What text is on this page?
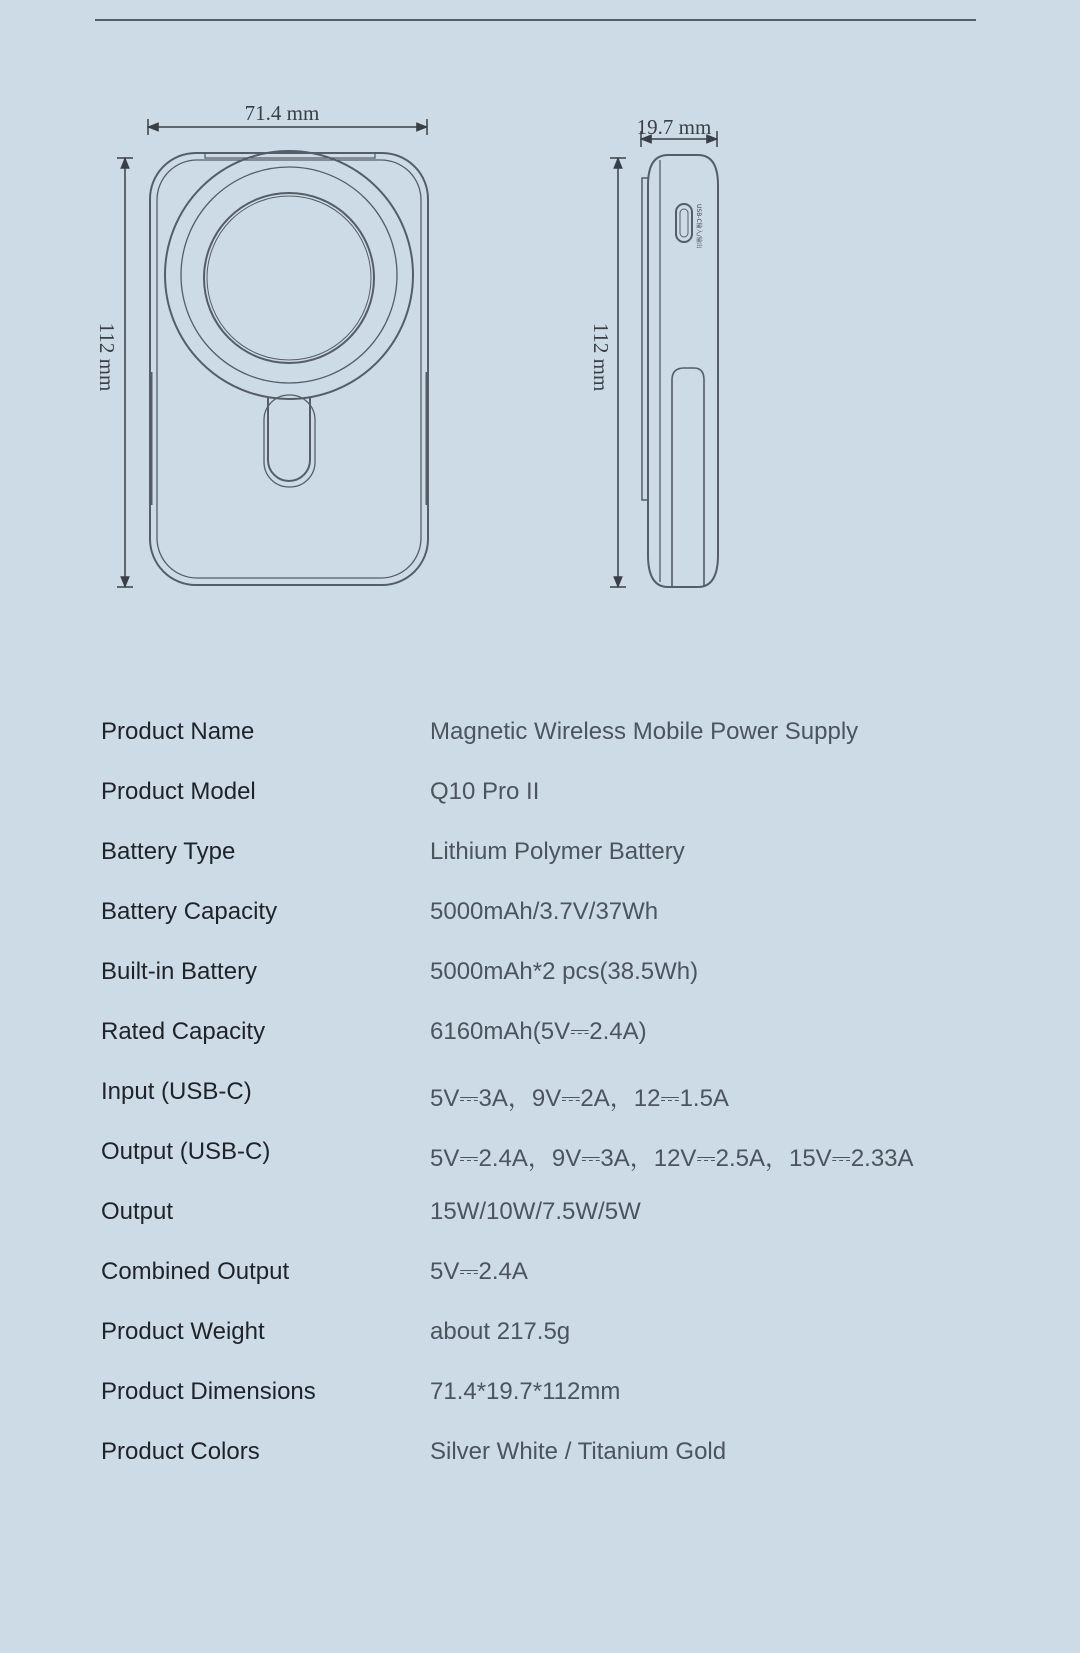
71.4 mm
19.7 mm
112 mm	112 mm
USB-C输入/输出
Product Name	Magnetic Wireless Mobile Power Supply
Product Model	Q10 Pro II
Battery Type	Lithium Polymer Battery
Battery Capacity	5000mAh/3.7V/37Wh
Built-in Battery	5000mAh*2 pcs(38.5Wh)
Rated Capacity	6160mAh(5V⎓2.4A)
Input (USB-C)	5V⎓3A，9V⎓2A，12⎓1.5A
Output (USB-C)	5V⎓2.4A，9V⎓3A，12V⎓2.5A，15V⎓2.33A
Output	15W/10W/7.5W/5W
Combined Output	5V⎓2.4A
Product Weight	about 217.5g
Product Dimensions	71.4*19.7*112mm
Product Colors	Silver White / Titanium Gold
